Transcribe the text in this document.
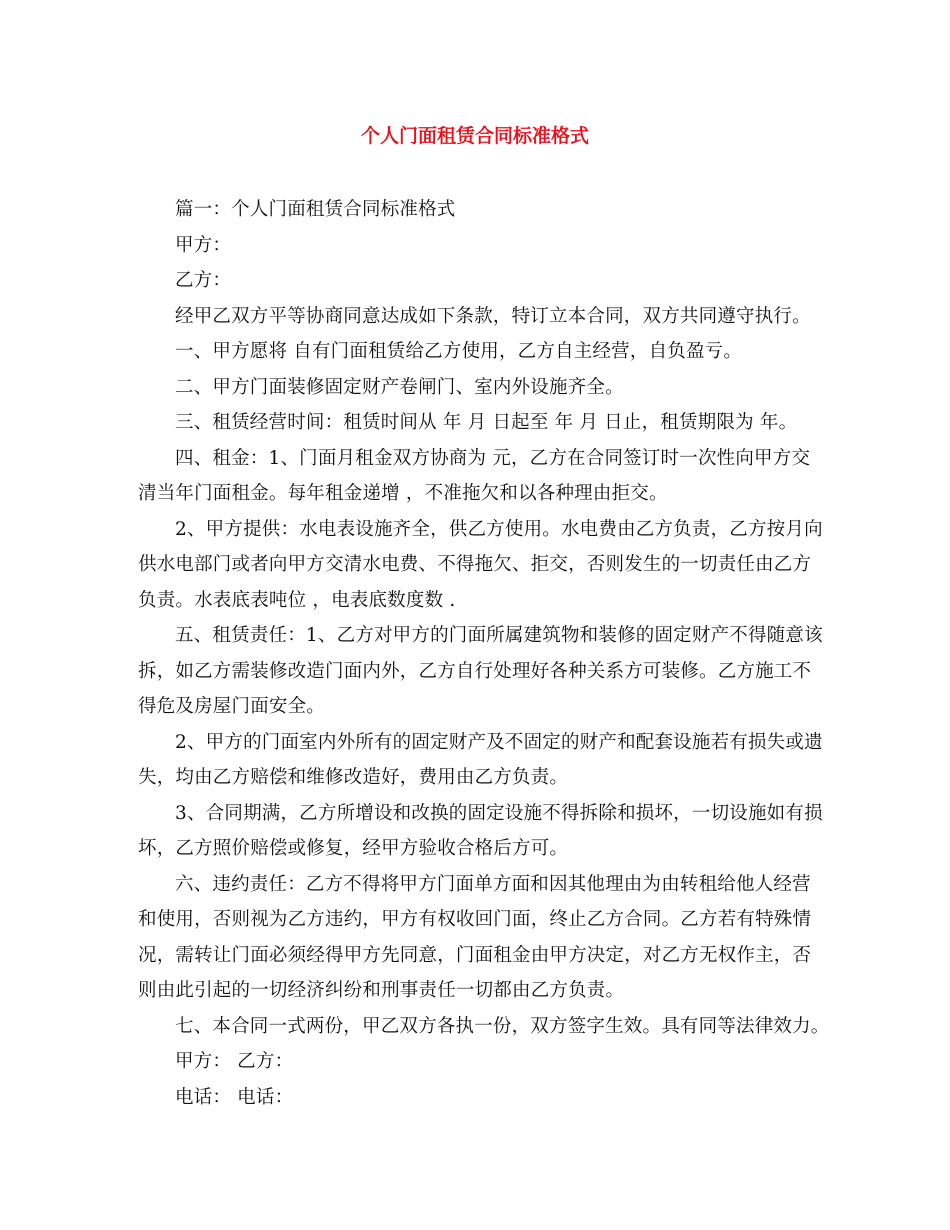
个人门面租赁合同标准格式

篇一：个人门面租赁合同标准格式

甲方：

乙方：

经甲乙双方平等协商同意达成如下条款，特订立本合同，双方共同遵守执行。

一、甲方愿将 自有门面租赁给乙方使用，乙方自主经营，自负盈亏。

二、甲方门面装修固定财产卷闸门、室内外设施齐全。

三、租赁经营时间：租赁时间从 年 月 日起至 年 月 日止，租赁期限为 年。

四、租金：1、门面月租金双方协商为 元，乙方在合同签订时一次性向甲方交清当年门面租金。每年租金递增 ，不准拖欠和以各种理由拒交。

2、甲方提供：水电表设施齐全，供乙方使用。水电费由乙方负责，乙方按月向供水电部门或者向甲方交清水电费、不得拖欠、拒交，否则发生的一切责任由乙方负责。水表底表吨位 ，电表底数度数 .

五、租赁责任：1、乙方对甲方的门面所属建筑物和装修的固定财产不得随意该拆，如乙方需装修改造门面内外，乙方自行处理好各种关系方可装修。乙方施工不得危及房屋门面安全。

2、甲方的门面室内外所有的固定财产及不固定的财产和配套设施若有损失或遗失，均由乙方赔偿和维修改造好，费用由乙方负责。

3、合同期满，乙方所增设和改换的固定设施不得拆除和损坏，一切设施如有损坏，乙方照价赔偿或修复，经甲方验收合格后方可。

六、违约责任：乙方不得将甲方门面单方面和因其他理由为由转租给他人经营和使用，否则视为乙方违约，甲方有权收回门面，终止乙方合同。乙方若有特殊情况，需转让门面必须经得甲方先同意，门面租金由甲方决定，对乙方无权作主，否则由此引起的一切经济纠纷和刑事责任一切都由乙方负责。

七、本合同一式两份，甲乙双方各执一份，双方签字生效。具有同等法律效力。

甲方： 乙方：

电话： 电话：
